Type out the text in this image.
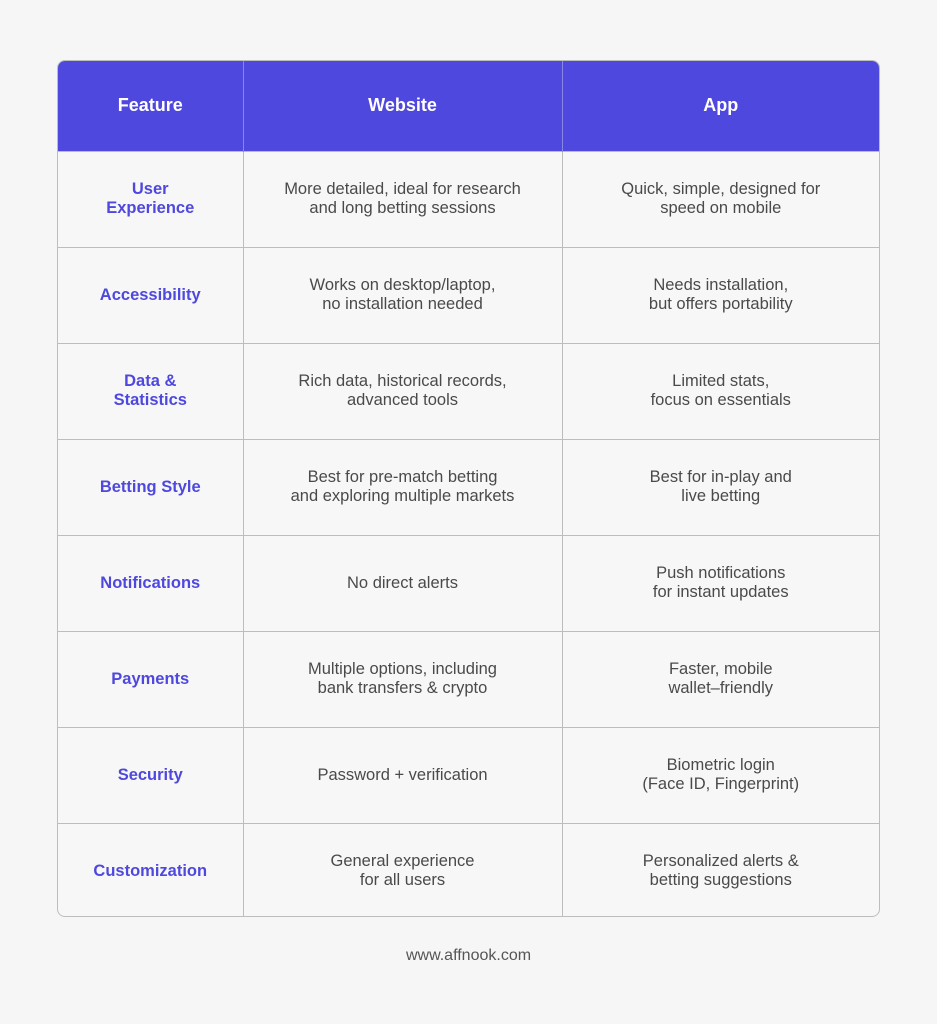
Feature	Website	App

User
Experience	More detailed, ideal for research
and long betting sessions	Quick, simple, designed for
speed on mobile

Accessibility	Works on desktop/laptop,
no installation needed	Needs installation,
but offers portability

Data &
Statistics	Rich data, historical records,
advanced tools	Limited stats,
focus on essentials

Betting Style	Best for pre-match betting
and exploring multiple markets	Best for in-play and
live betting

Notifications	No direct alerts	Push notifications
for instant updates

Payments	Multiple options, including
bank transfers & crypto	Faster, mobile
wallet–friendly

Security	Password + verification	Biometric login
(Face ID, Fingerprint)

Customization	General experience
for all users	Personalized alerts &
betting suggestions
www.affnook.com
